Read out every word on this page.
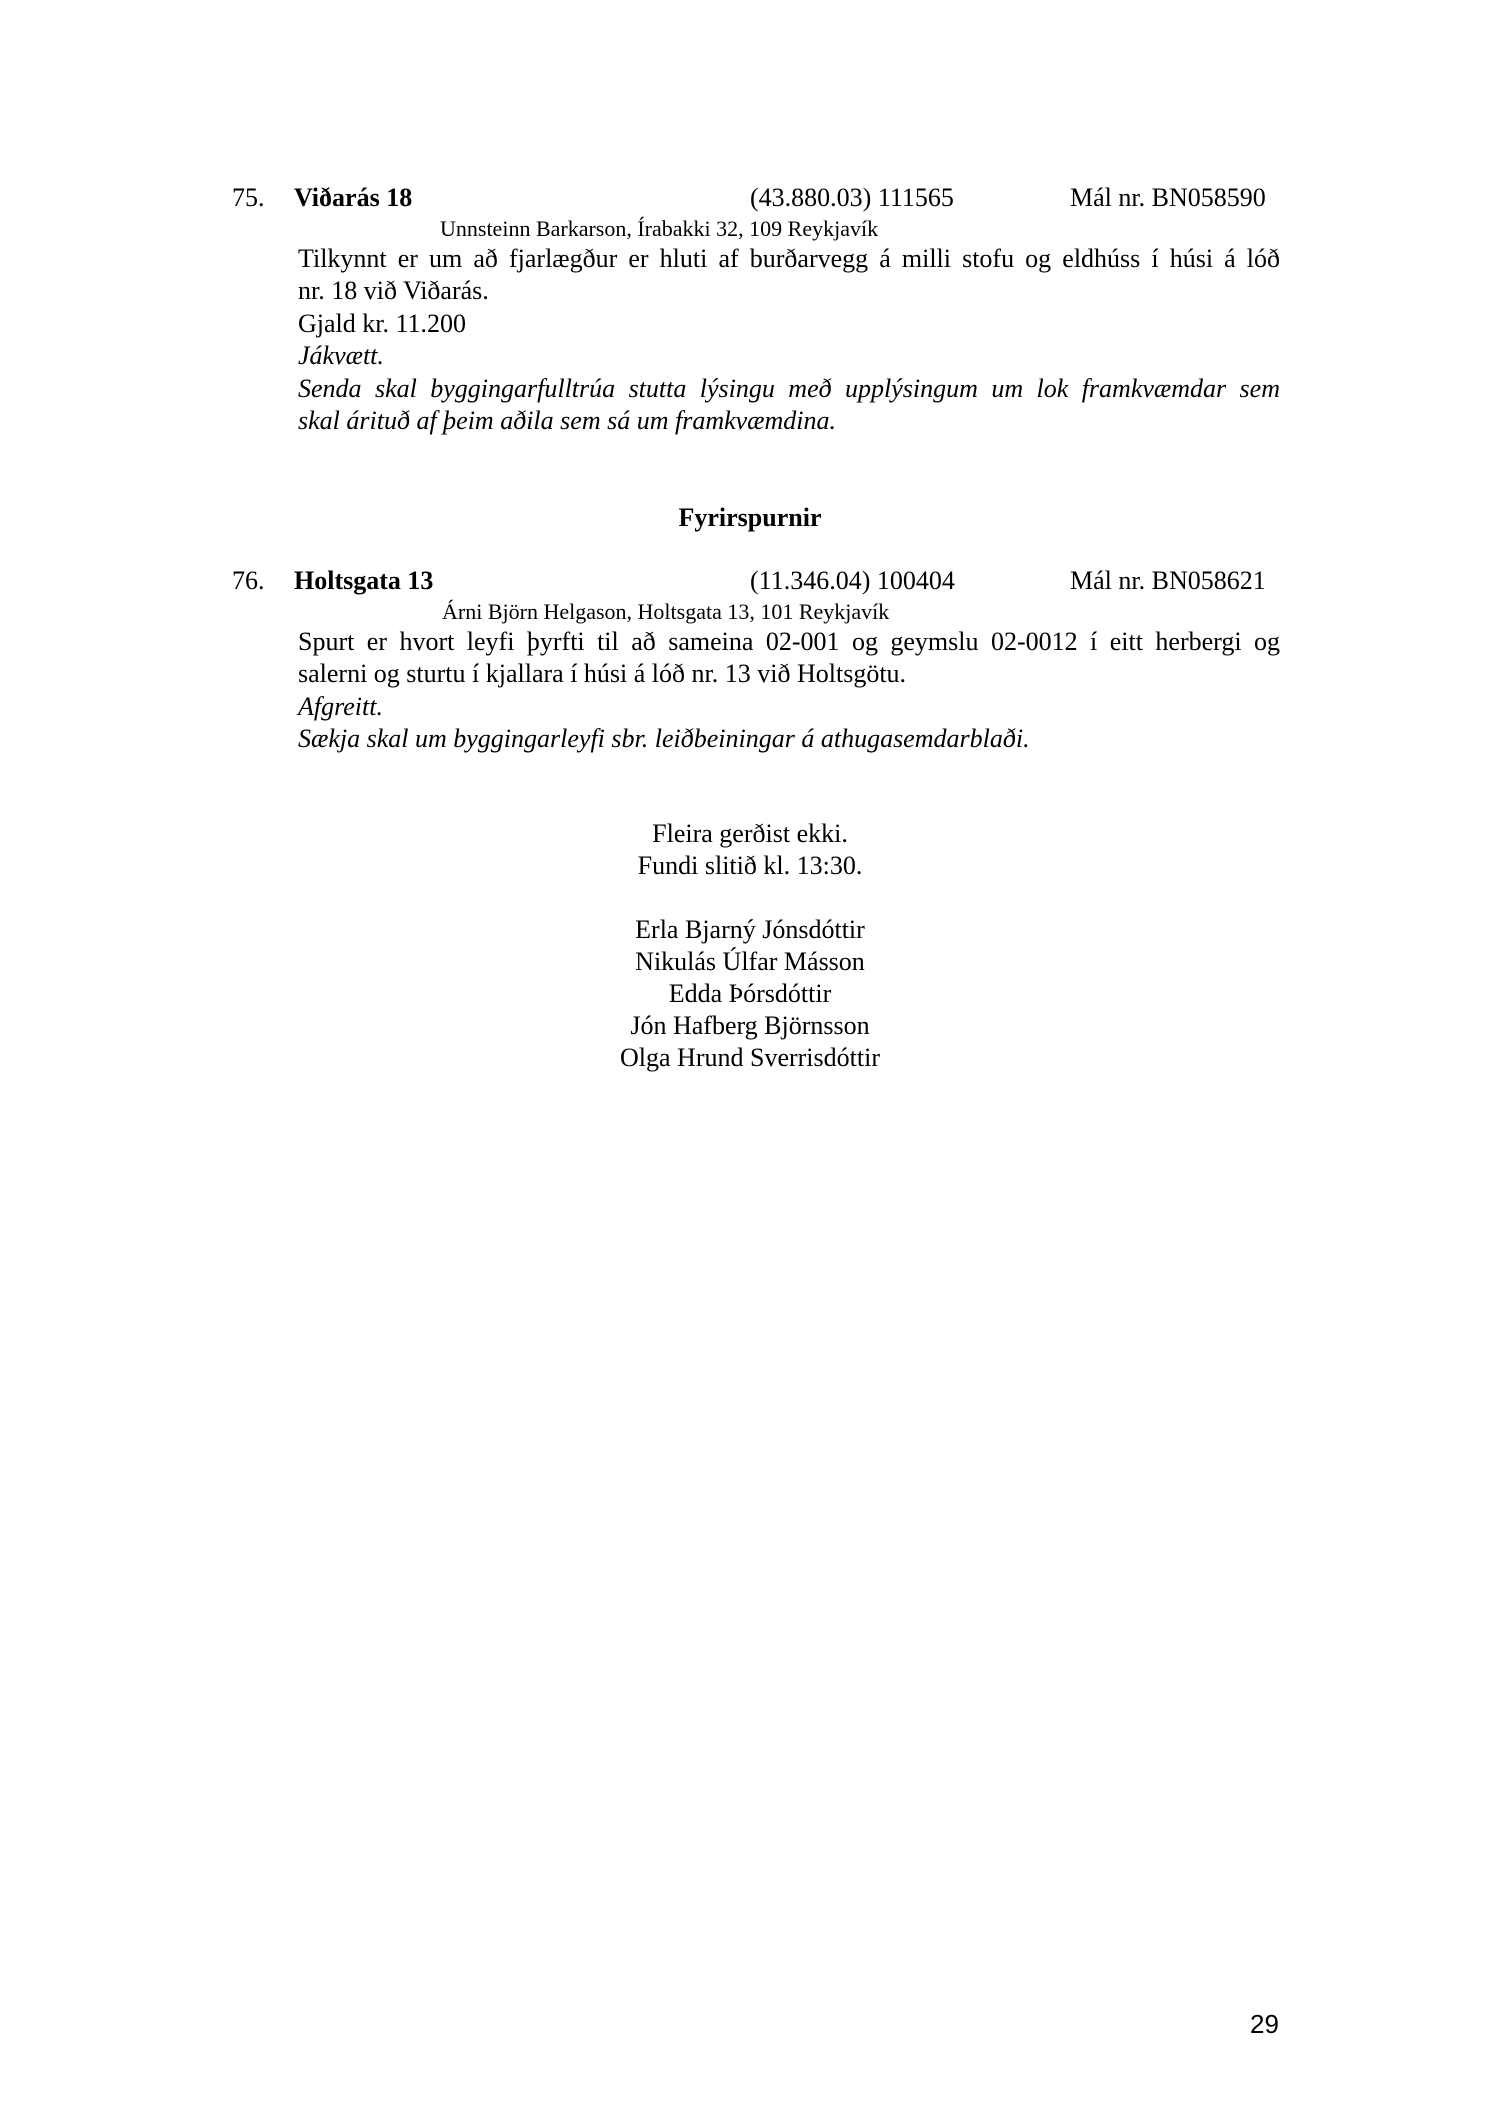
75. Viðarás 18	(43.880.03) 111565	Mál nr. BN058590
Unnsteinn Barkarson, Írabakki 32, 109 Reykjavík
Tilkynnt er um að fjarlægður er hluti af burðarvegg á milli stofu og eldhúss í húsi á lóð
nr. 18 við Viðarás.
Gjald kr. 11.200
Jákvætt.
Senda skal byggingarfulltrúa stutta lýsingu með upplýsingum um lok framkvæmdar sem
skal árituð af þeim aðila sem sá um framkvæmdina.
Fyrirspurnir
76. Holtsgata 13	(11.346.04) 100404	Mál nr. BN058621
Árni Björn Helgason, Holtsgata 13, 101 Reykjavík
Spurt er hvort leyfi þyrfti til að sameina 02-001 og geymslu 02-0012 í eitt herbergi og
salerni og sturtu í kjallara í húsi á lóð nr. 13 við Holtsgötu.
Afgreitt.
Sækja skal um byggingarleyfi sbr. leiðbeiningar á athugasemdarblaði.
Fleira gerðist ekki.
Fundi slitið kl. 13:30.
Erla Bjarný Jónsdóttir
Nikulás Úlfar Másson
Edda Þórsdóttir
Jón Hafberg Björnsson
Olga Hrund Sverrisdóttir
29
